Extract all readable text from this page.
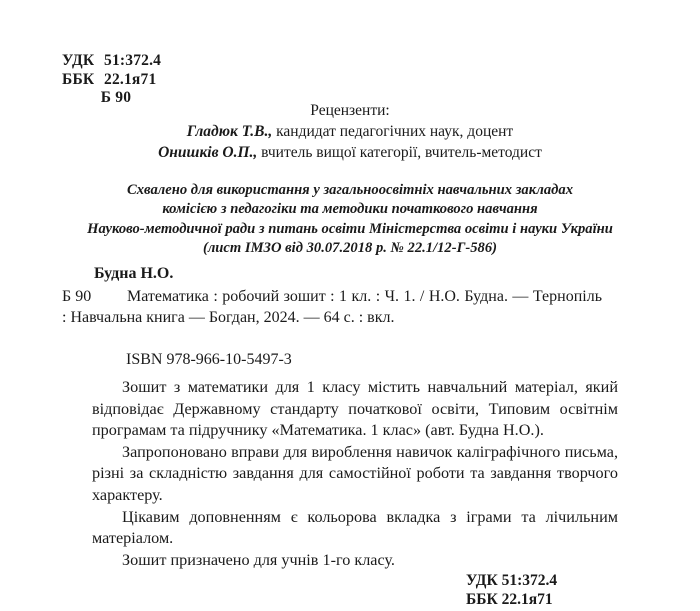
УДК 51:372.4
ББК 22.1я71
Б 90
Рецензенти:
Гладюк Т.В., кандидат педагогічних наук, доцент
Онишків О.П., вчитель вищої категорії, вчитель-методист
Схвалено для використання у загальноосвітніх навчальних закладах
комісією з педагогіки та методики початкового навчання
Науково-методичної ради з питань освіти Міністерства освіти і науки України
(лист ІМЗО від 30.07.2018 р. № 22.1/12-Г-586)
Будна Н.О.
Б 90	Математика : робочий зошит : 1 кл. : Ч. 1. / Н.О. Будна. — Тернопіль : Навчальна книга — Богдан, 2024. — 64 с. : вкл.
ISBN 978-966-10-5497-3

Зошит з математики для 1 класу містить навчальний матеріал, який відповідає Державному стандарту початкової освіти, Типовим освітнім програмам та підручнику «Математика. 1 клас» (авт. Будна Н.О.).

Запропоновано вправи для вироблення навичок каліграфічного письма, різні за складністю завдання для самостійної роботи та завдання творчого характеру.

Цікавим доповненням є кольорова вкладка з іграми та лічильним матеріалом.

Зошит призначено для учнів 1-го класу.

УДК 51:372.4
ББК 22.1я71
